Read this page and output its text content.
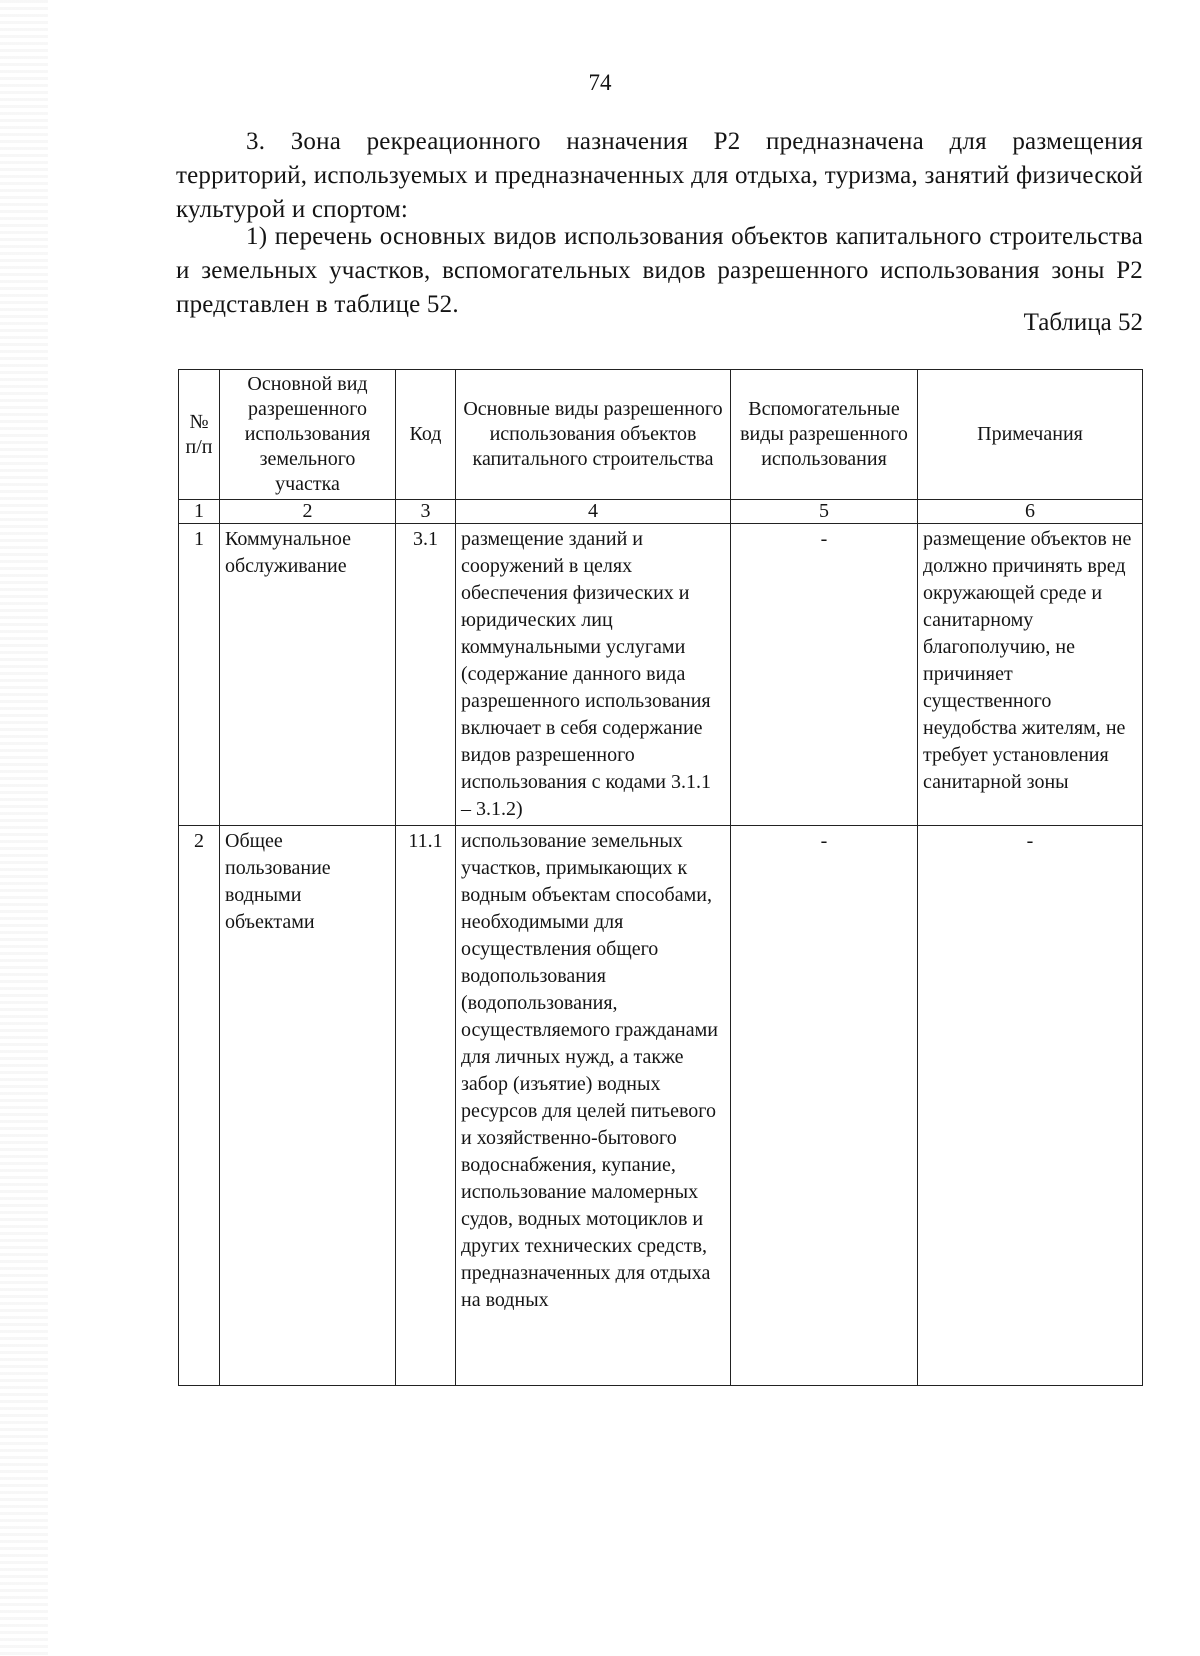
74

3. Зона рекреационного назначения Р2 предназначена для размещения территорий, используемых и предназначенных для отдыха, туризма, занятий физической культурой и спортом:

1) перечень основных видов использования объектов капитального строительства и земельных участков, вспомогательных видов разрешенного использования зоны Р2 представлен в таблице 52.

Таблица 52
№ п/п	Основной вид разрешенного использования земельного участка	Код	Основные виды разрешенного использования объектов капитального строительства	Вспомогательные виды разрешенного использования	Примечания
1	2	3	4	5	6
1	Коммунальное обслуживание	3.1	размещение зданий и сооружений в целях обеспечения физических и юридических лиц коммунальными услугами (содержание данного вида разрешенного использования включает в себя содержание видов разрешенного использования с кодами 3.1.1 – 3.1.2)	-	размещение объектов не должно причинять вред окружающей среде и санитарному благополучию, не причиняет существенного неудобства жителям, не требует установления санитарной зоны
2	Общее пользование водными объектами	11.1	использование земельных участков, примыкающих к водным объектам способами, необходимыми для осуществления общего водопользования (водопользования, осуществляемого гражданами для личных нужд, а также забор (изъятие) водных ресурсов для целей питьевого и хозяйственно-бытового водоснабжения, купание, использование маломерных судов, водных мотоциклов и других технических средств, предназначенных для отдыха на водных	-	-
